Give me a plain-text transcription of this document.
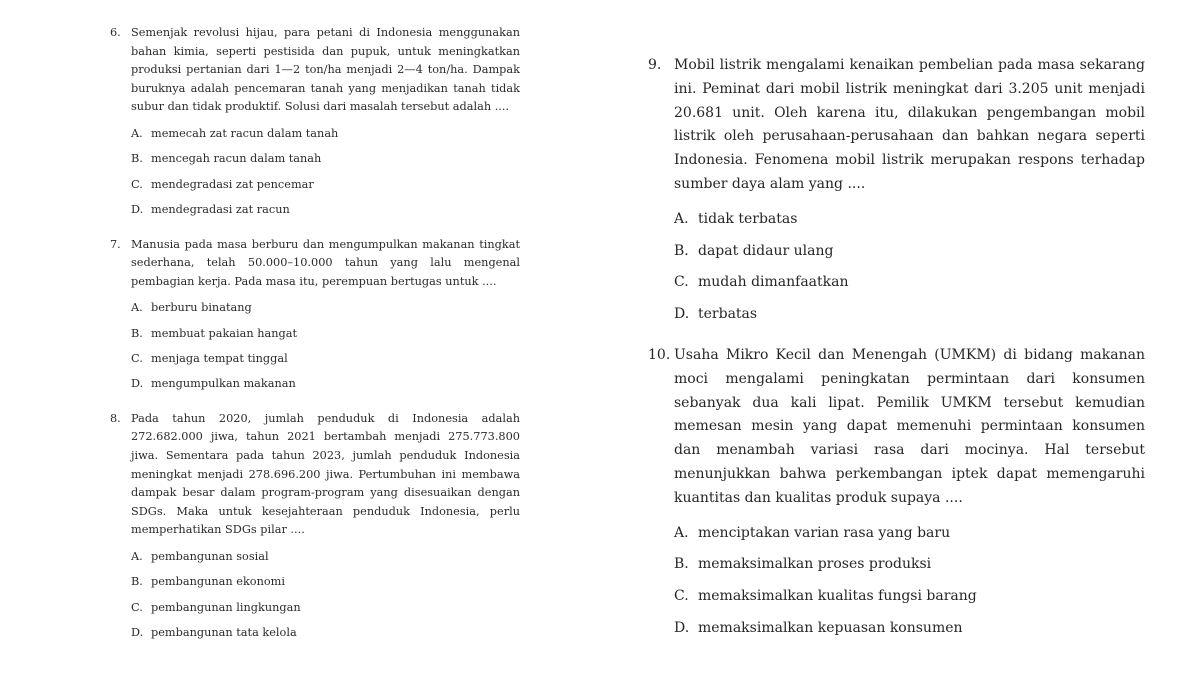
6. Semenjak revolusi hijau, para petani di Indonesia menggunakan bahan kimia, seperti pestisida dan pupuk, untuk meningkatkan produksi pertanian dari 1—2 ton/ha menjadi 2—4 ton/ha. Dampak buruknya adalah pencemaran tanah yang menjadikan tanah tidak subur dan tidak produktif. Solusi dari masalah tersebut adalah ....

A. memecah zat racun dalam tanah
B. mencegah racun dalam tanah
C. mendegradasi zat pencemar
D. mendegradasi zat racun
7. Manusia pada masa berburu dan mengumpulkan makanan tingkat sederhana, telah 50.000–10.000 tahun yang lalu mengenal pembagian kerja. Pada masa itu, perempuan bertugas untuk ....

A. berburu binatang
B. membuat pakaian hangat
C. menjaga tempat tinggal
D. mengumpulkan makanan
8. Pada tahun 2020, jumlah penduduk di Indonesia adalah 272.682.000 jiwa, tahun 2021 bertambah menjadi 275.773.800 jiwa. Sementara pada tahun 2023, jumlah penduduk Indonesia meningkat menjadi 278.696.200 jiwa. Pertumbuhan ini membawa dampak besar dalam program-program yang disesuaikan dengan SDGs. Maka untuk kesejahteraan penduduk Indonesia, perlu memperhatikan SDGs pilar ....

A. pembangunan sosial
B. pembangunan ekonomi
C. pembangunan lingkungan
D. pembangunan tata kelola
9. Mobil listrik mengalami kenaikan pembelian pada masa sekarang ini. Peminat dari mobil listrik meningkat dari 3.205 unit menjadi 20.681 unit. Oleh karena itu, dilakukan pengembangan mobil listrik oleh perusahaan-perusahaan dan bahkan negara seperti Indonesia. Fenomena mobil listrik merupakan respons terhadap sumber daya alam yang ....

A. tidak terbatas
B. dapat didaur ulang
C. mudah dimanfaatkan
D. terbatas
10. Usaha Mikro Kecil dan Menengah (UMKM) di bidang makanan moci mengalami peningkatan permintaan dari konsumen sebanyak dua kali lipat. Pemilik UMKM tersebut kemudian memesan mesin yang dapat memenuhi permintaan konsumen dan menambah variasi rasa dari mocinya. Hal tersebut menunjukkan bahwa perkembangan iptek dapat memengaruhi kuantitas dan kualitas produk supaya ....

A. menciptakan varian rasa yang baru
B. memaksimalkan proses produksi
C. memaksimalkan kualitas fungsi barang
D. memaksimalkan kepuasan konsumen
